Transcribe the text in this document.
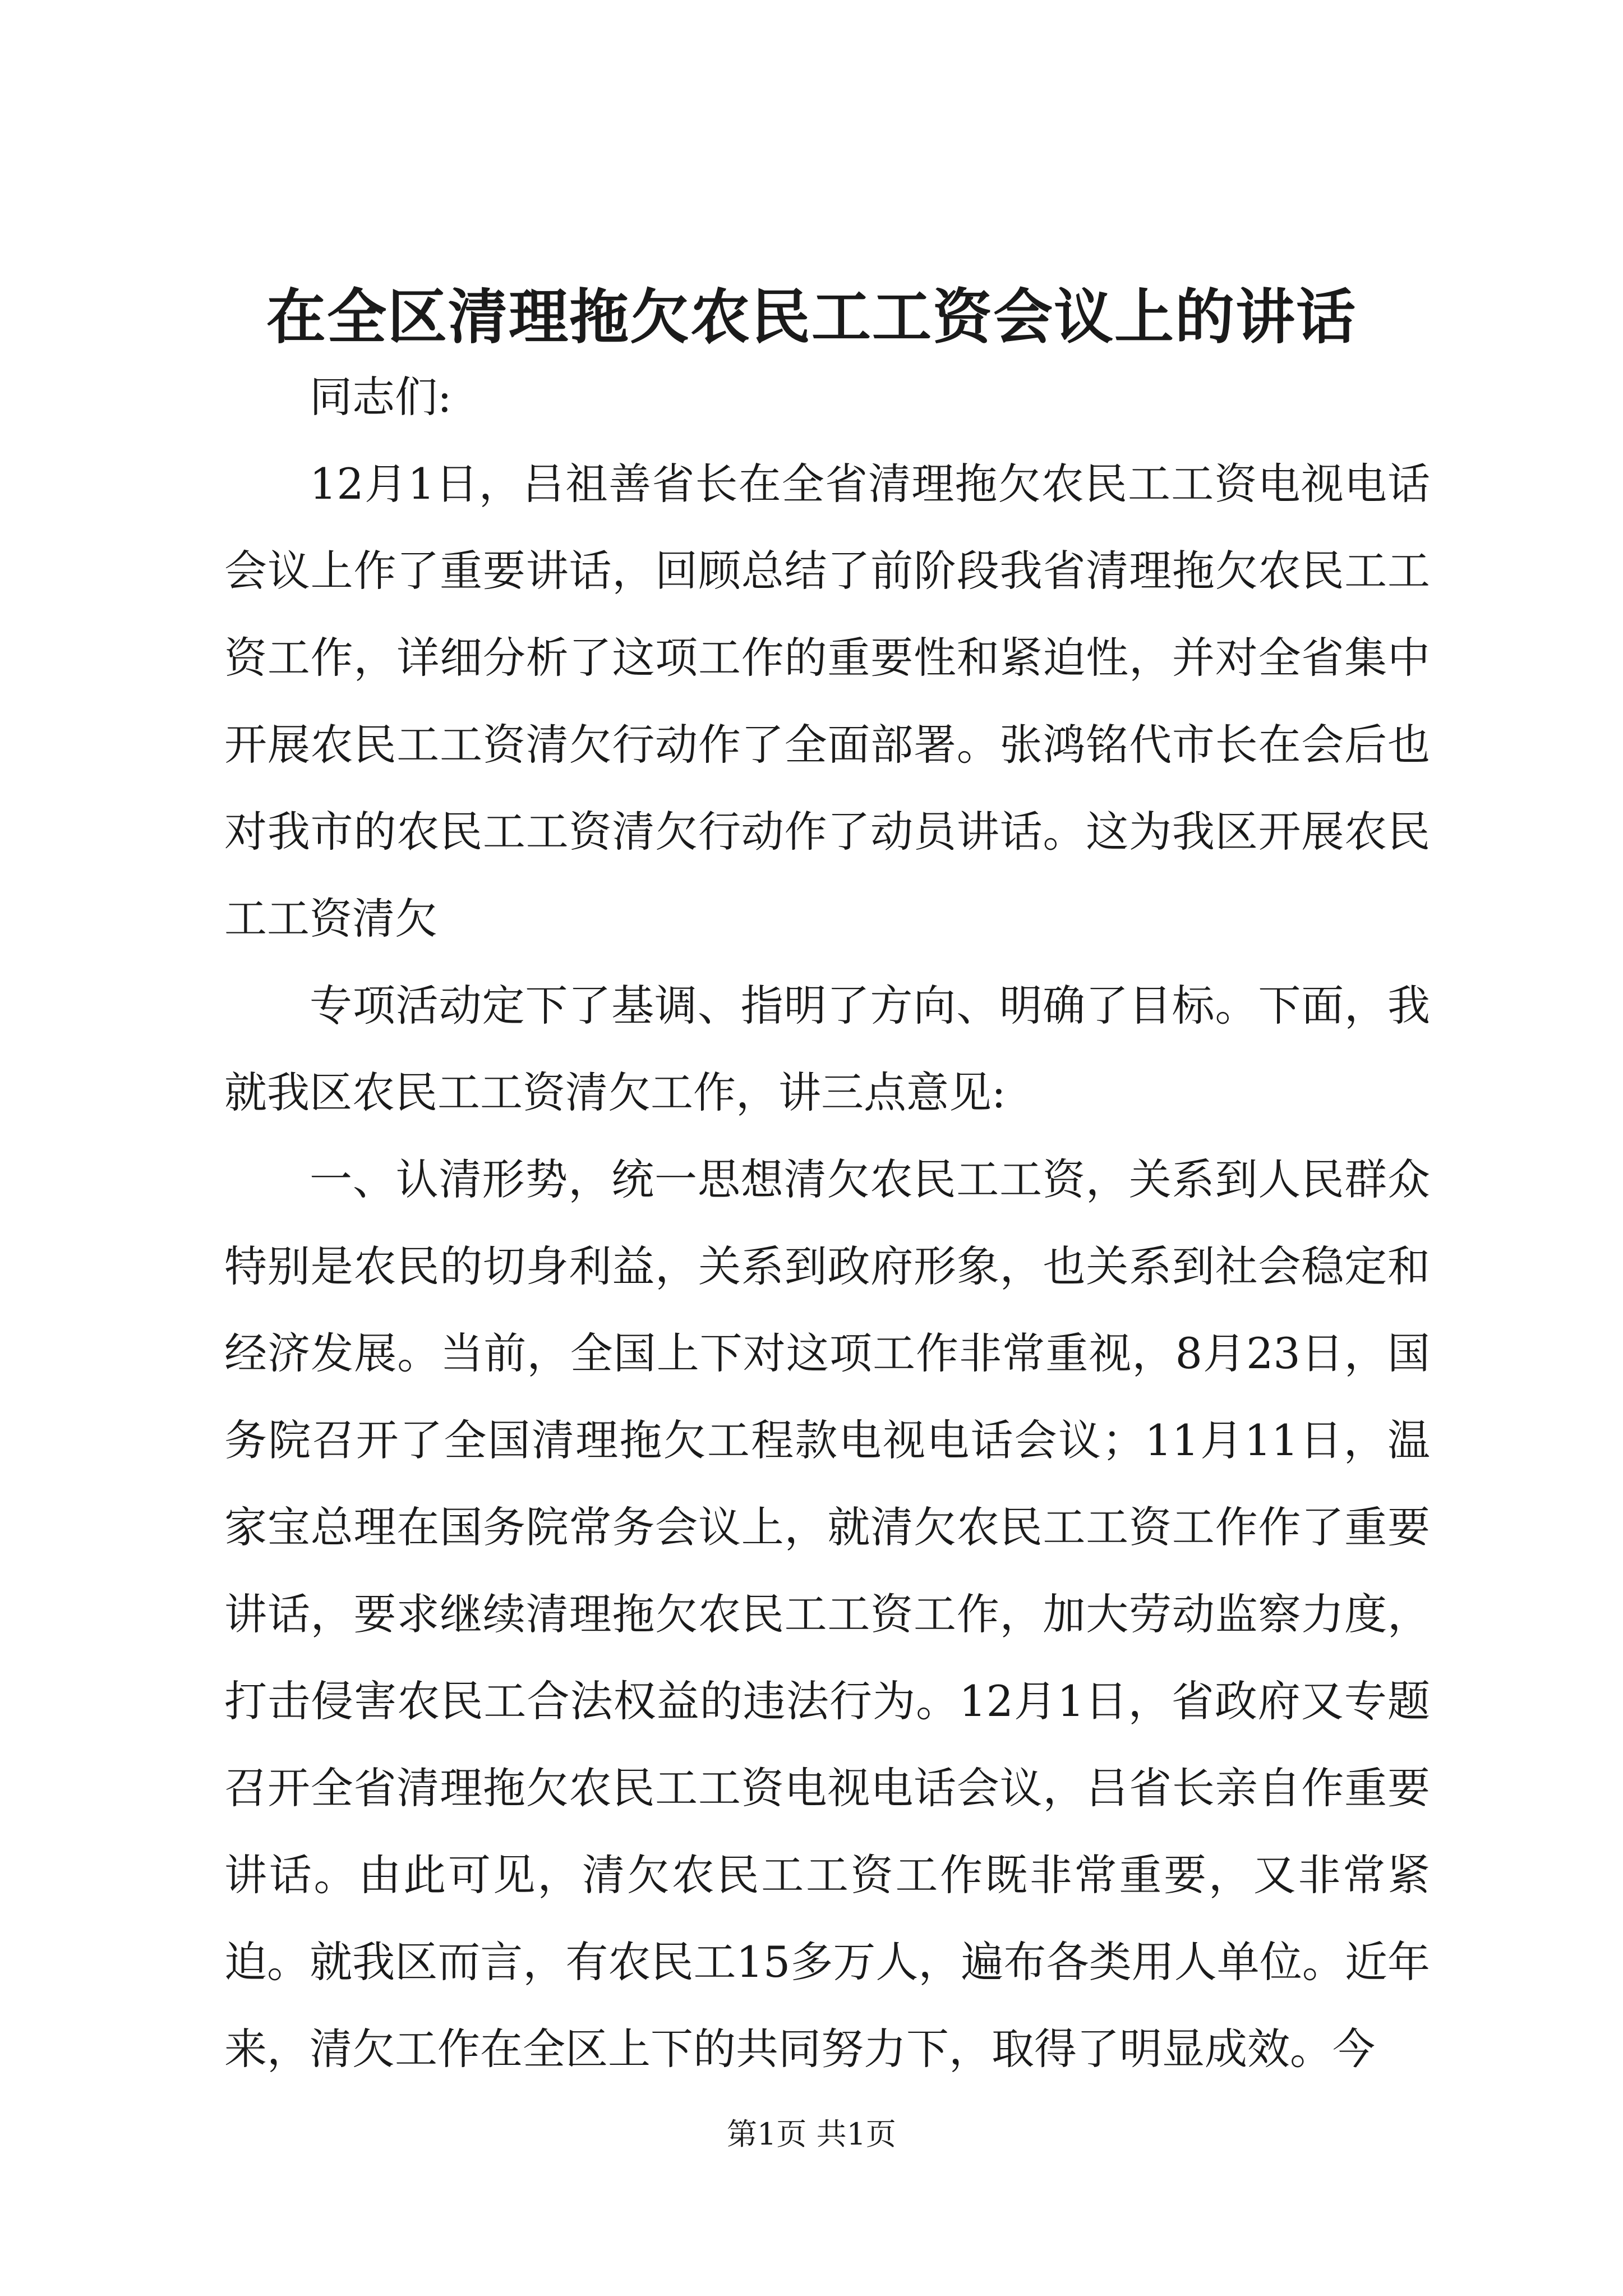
在全区清理拖欠农民工工资会议上的讲话

同志们:

12月1日，吕祖善省长在全省清理拖欠农民工工资电视电话会议上作了重要讲话，回顾总结了前阶段我省清理拖欠农民工工资工作，详细分析了这项工作的重要性和紧迫性，并对全省集中开展农民工工资清欠行动作了全面部署。张鸿铭代市长在会后也对我市的农民工工资清欠行动作了动员讲话。这为我区开展农民工工资清欠

专项活动定下了基调、指明了方向、明确了目标。下面，我就我区农民工工资清欠工作，讲三点意见:

一、认清形势，统一思想清欠农民工工资，关系到人民群众特别是农民的切身利益，关系到政府形象，也关系到社会稳定和经济发展。当前，全国上下对这项工作非常重视，8月23日，国务院召开了全国清理拖欠工程款电视电话会议；11月11日，温家宝总理在国务院常务会议上，就清欠农民工工资工作作了重要讲话，要求继续清理拖欠农民工工资工作，加大劳动监察力度，打击侵害农民工合法权益的违法行为。12月1日，省政府又专题召开全省清理拖欠农民工工资电视电话会议，吕省长亲自作重要讲话。由此可见，清欠农民工工资工作既非常重要，又非常紧迫。就我区而言，有农民工15多万人，遍布各类用人单位。近年来，清欠工作在全区上下的共同努力下，取得了明显成效。今

第1页 共1页
